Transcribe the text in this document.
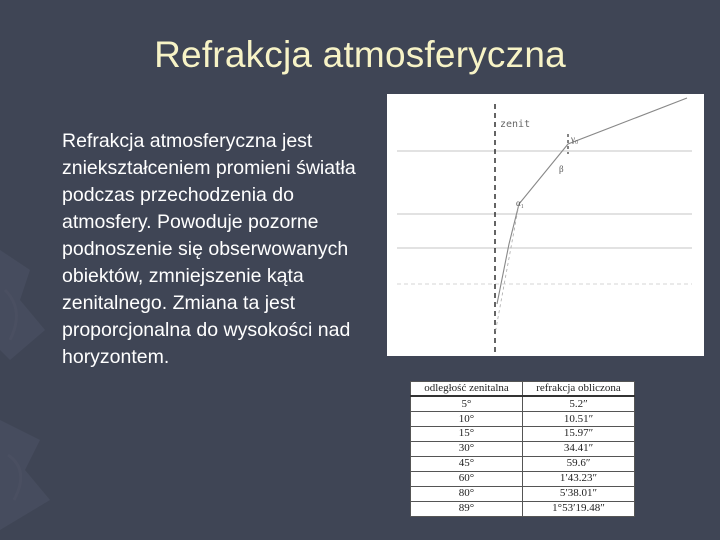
Refrakcja atmosferyczna
Refrakcja atmosferyczna jest zniekształceniem promieni światła podczas przechodzenia do atmosfery. Powoduje pozorne podnoszenie się obserwowanych obiektów, zmniejszenie kąta zenitalnego. Zmiana ta jest proporcjonalna do wysokości nad horyzontem.
zenit
γ₀
β
α₁
odległość zenitalna	refrakcja obliczona
5°	5.2″
10°	10.51″
15°	15.97″
30°	34.41″
45°	59.6″
60°	1′43.23″
80°	5′38.01″
89°	1°53′19.48″
